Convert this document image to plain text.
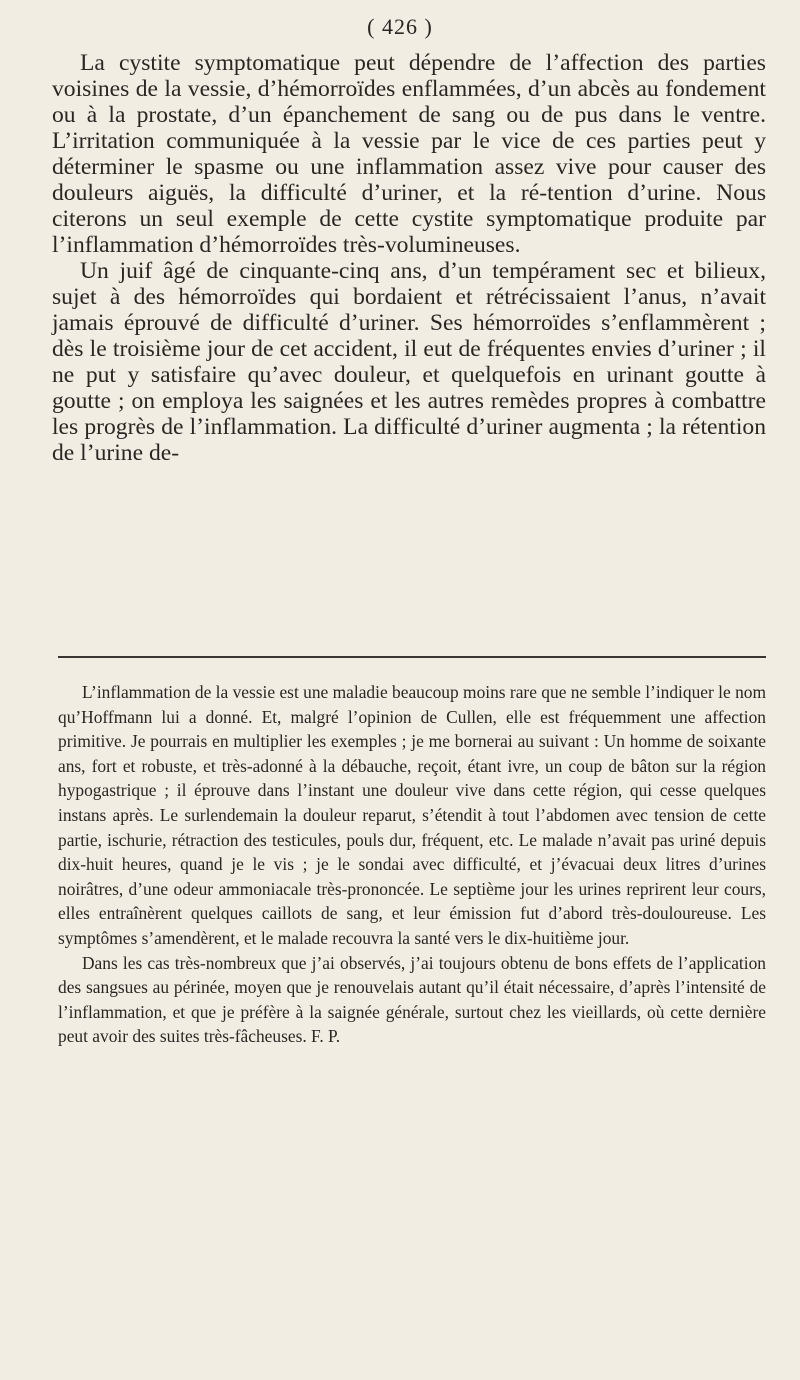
( 426 )

La cystite symptomatique peut dépendre de l’affection des parties voisines de la vessie, d’hémorroïdes enflammées, d’un abcès au fondement ou à la prostate, d’un épanchement de sang ou de pus dans le ventre. L’irritation communiquée à la vessie par le vice de ces parties peut y déterminer le spasme ou une inflammation assez vive pour causer des douleurs aiguës, la difficulté d’uriner, et la ré-tention d’urine. Nous citerons un seul exemple de cette cystite symptomatique produite par l’inflammation d’hémorroïdes très-volumineuses.

Un juif âgé de cinquante-cinq ans, d’un tempérament sec et bilieux, sujet à des hémorroïdes qui bordaient et rétrécissaient l’anus, n’avait jamais éprouvé de difficulté d’uriner. Ses hémorroïdes s’enflammèrent ; dès le troisième jour de cet accident, il eut de fréquentes envies d’uriner ; il ne put y satisfaire qu’avec douleur, et quelquefois en urinant goutte à goutte ; on employa les saignées et les autres remèdes propres à combattre les progrès de l’inflammation. La difficulté d’uriner augmenta ; la rétention de l’urine de-

L’inflammation de la vessie est une maladie beaucoup moins rare que ne semble l’indiquer le nom qu’Hoffmann lui a donné. Et, malgré l’opinion de Cullen, elle est fréquemment une affection primitive. Je pourrais en multiplier les exemples ; je me bornerai au suivant : Un homme de soixante ans, fort et robuste, et très-adonné à la débauche, reçoit, étant ivre, un coup de bâton sur la région hypogastrique ; il éprouve dans l’instant une douleur vive dans cette région, qui cesse quelques instans après. Le surlendemain la douleur reparut, s’étendit à tout l’abdomen avec tension de cette partie, ischurie, rétraction des testicules, pouls dur, fréquent, etc. Le malade n’avait pas uriné depuis dix-huit heures, quand je le vis ; je le sondai avec difficulté, et j’évacuai deux litres d’urines noirâtres, d’une odeur ammoniacale très-prononcée. Le septième jour les urines reprirent leur cours, elles entraînèrent quelques caillots de sang, et leur émission fut d’abord très-douloureuse. Les symptômes s’amendèrent, et le malade recouvra la santé vers le dix-huitième jour.

Dans les cas très-nombreux que j’ai observés, j’ai toujours obtenu de bons effets de l’application des sangsues au périnée, moyen que je renouvelais autant qu’il était nécessaire, d’après l’intensité de l’inflammation, et que je préfère à la saignée générale, surtout chez les vieillards, où cette dernière peut avoir des suites très-fâcheuses. F. P.
